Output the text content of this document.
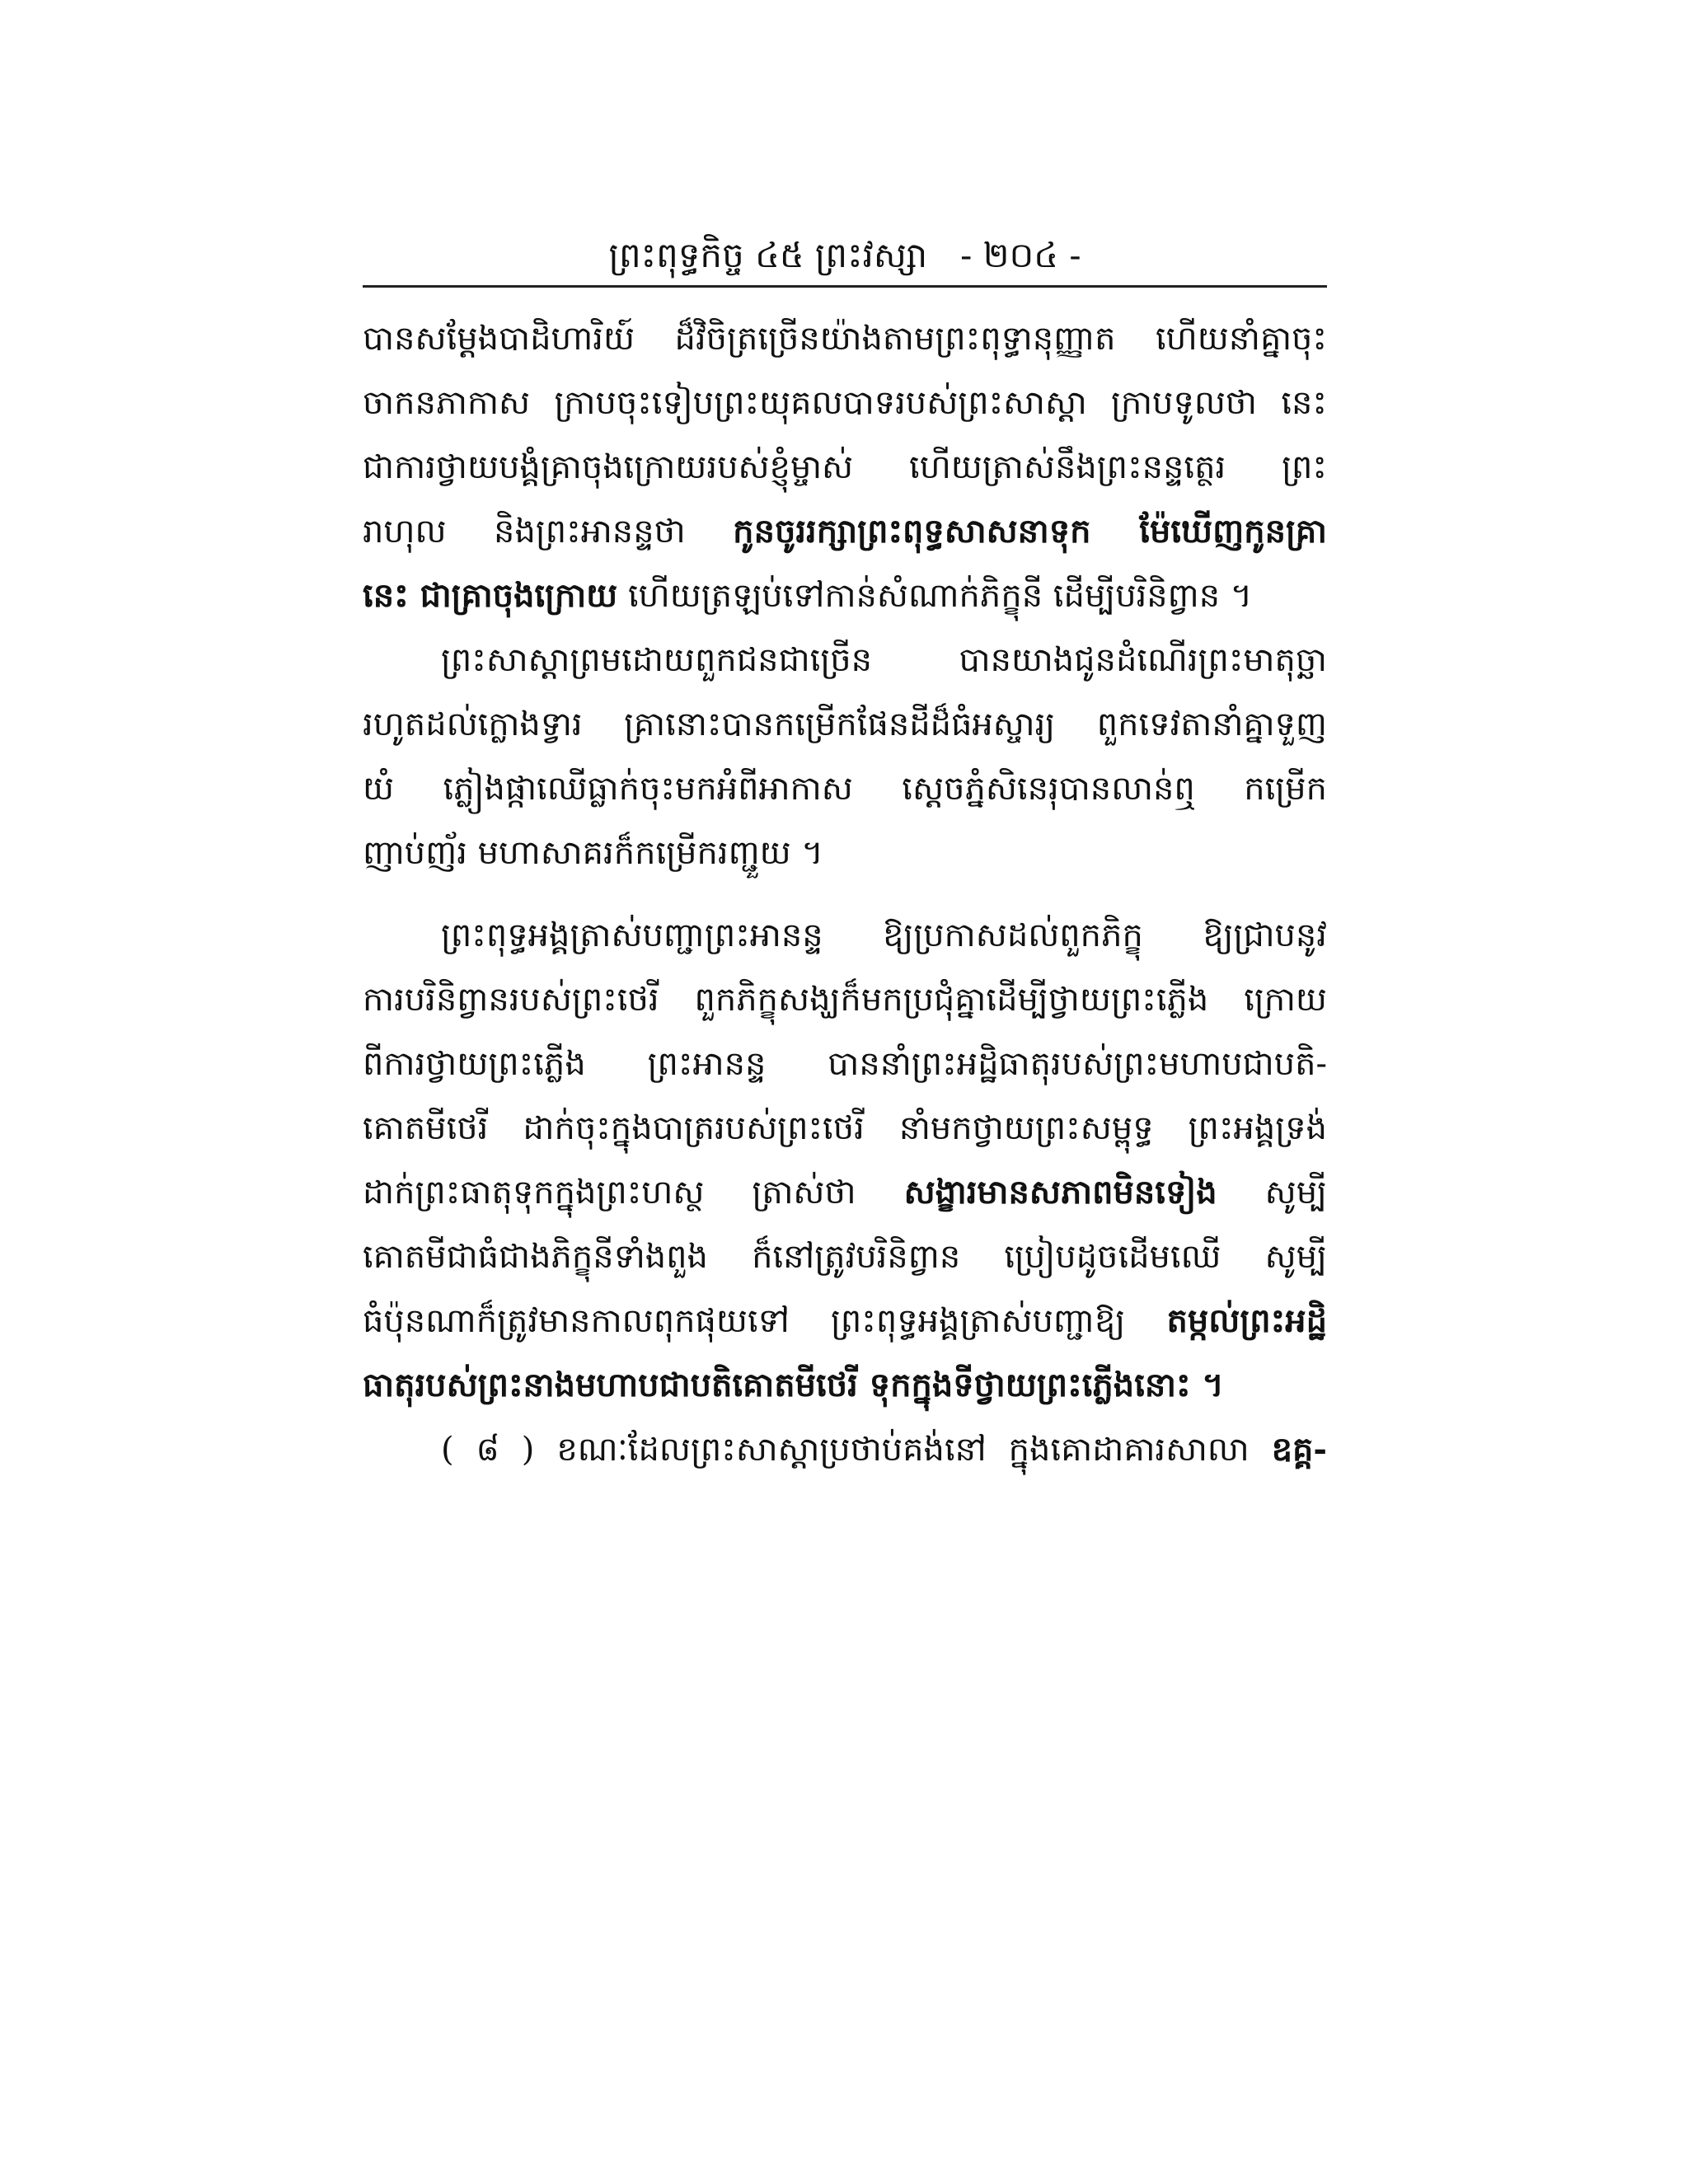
ព្រះពុទ្ធកិច្ច ៤៥ ព្រះវស្សា - ២០៤ -
បានសម្តែងបាដិហារិយ៍ ដ៏វិចិត្រច្រើនយ៉ាងតាមព្រះពុទ្ធានុញ្ញាត ហើយនាំគ្នាចុះ
ចាកនភាកាស ក្រាបចុះទៀបព្រះយុគលបាទរបស់ព្រះសាស្តា ក្រាបទូលថា នេះ
ជាការថ្វាយបង្គំគ្រាចុងក្រោយរបស់ខ្ញុំម្ចាស់ ហើយត្រាស់នឹងព្រះនន្ទត្ថេរ ព្រះ
រាហុល និងព្រះអានន្ទថា កូនចូររក្សាព្រះពុទ្ធសាសនាទុក ម៉ែឃើញកូនគ្រា
នេះ ជាគ្រាចុងក្រោយ ហើយត្រឡប់ទៅកាន់សំណាក់ភិក្ខុនី ដើម្បីបរិនិព្វាន ។
ព្រះសាស្តាព្រមដោយពួកជនជាច្រើន បានយាងជូនដំណើរព្រះមាតុច្ឆា
រហូតដល់ក្លោងទ្វារ គ្រានោះបានកម្រើកផែនដីដ៏ធំអស្ចារ្យ ពួកទេវតានាំគ្នាទួញ
យំ ភ្លៀងផ្កាឈើធ្លាក់ចុះមកអំពីអាកាស ស្តេចភ្នំសិនេរុបានលាន់ឮ កម្រើក
ញាប់ញ័រ មហាសាគរក៏កម្រើករញ្ជួយ ។
ព្រះពុទ្ធអង្គត្រាស់បញ្ជាព្រះអានន្ទ ឱ្យប្រកាសដល់ពួកភិក្ខុ ឱ្យជ្រាបនូវ
ការបរិនិព្វានរបស់ព្រះថេរី ពួកភិក្ខុសង្ឃក៏មកប្រជុំគ្នាដើម្បីថ្វាយព្រះភ្លើង ក្រោយ
ពីការថ្វាយព្រះភ្លើង ព្រះអានន្ទ បាននាំព្រះអដ្ឋិធាតុរបស់ព្រះមហាបជាបតិ-
គោតមីថេរី ដាក់ចុះក្នុងបាត្ររបស់ព្រះថេរី នាំមកថ្វាយព្រះសម្ពុទ្ធ ព្រះអង្គទ្រង់
ដាក់ព្រះធាតុទុកក្នុងព្រះហស្ថ ត្រាស់ថា សង្ខារមានសភាពមិនទៀង សូម្បី
គោតមីជាធំជាងភិក្ខុនីទាំងពួង ក៏នៅត្រូវបរិនិព្វាន ប្រៀបដូចដើមឈើ សូម្បី
ធំប៉ុនណាក៏ត្រូវមានកាលពុកផុយទៅ ព្រះពុទ្ធអង្គត្រាស់បញ្ជាឱ្យ តម្កល់ព្រះអដ្ឋិ
ធាតុរបស់ព្រះនាងមហាបជាបតិគោតមីថេរី ទុកក្នុងទីថ្វាយព្រះភ្លើងនោះ ។
( ៨ ) ខណៈដែលព្រះសាស្តាប្រថាប់គង់នៅ ក្នុងគោដាគារសាលា ឧគ្គ-
